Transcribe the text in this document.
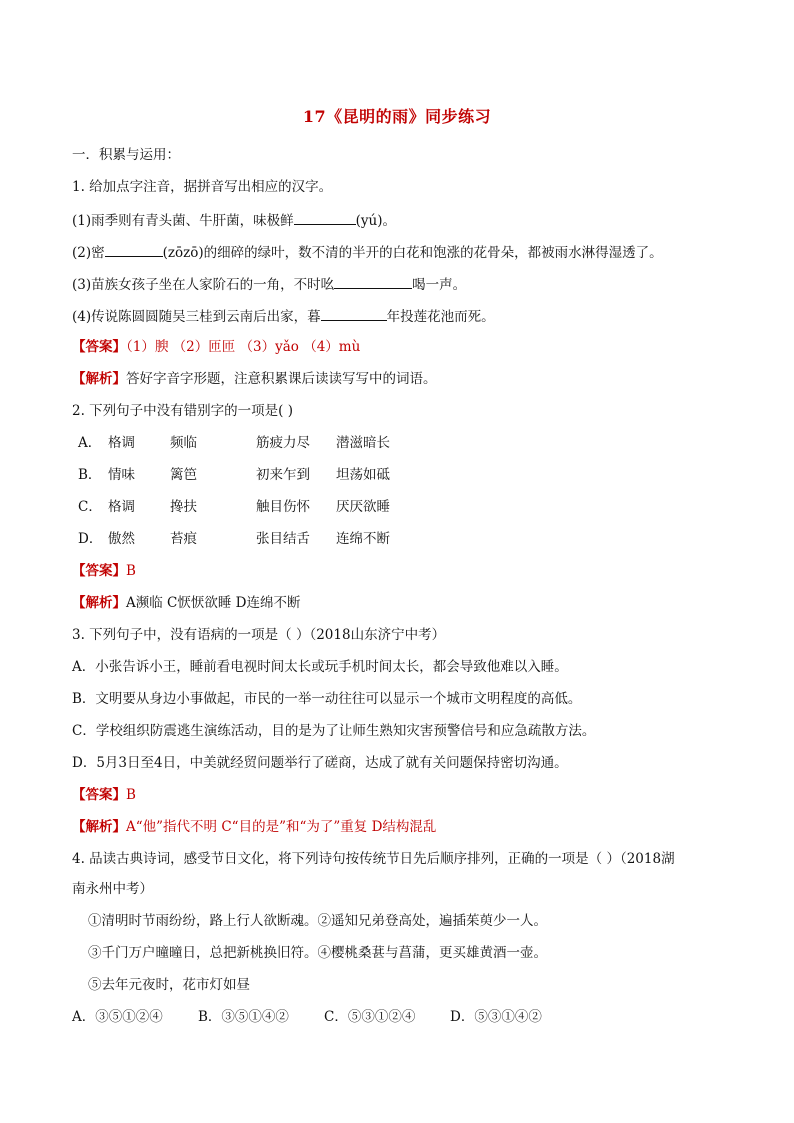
17《昆明的雨》同步练习
一．积累与运用：
1. 给加点字注音，据拼音写出相应的汉字。
(1)雨季则有青头菌、牛肝菌，味极鲜	(yú)。
(2)密	(zōzō)的细碎的绿叶，数不清的半开的白花和饱涨的花骨朵，都被雨水淋得湿透了。
(3)苗族女孩子坐在人家阶石的一角，不时吆	喝一声。
(4)传说陈圆圆随吴三桂到云南后出家，暮	年投莲花池而死。
【答案】（1）腴 （2）匝匝 （3）yǎo （4）mù
【解析】答好字音字形题，注意积累课后读读写写中的词语。
2. 下列句子中没有错别字的一项是( )
A． 格调	频临	筋疲力尽 潜滋暗长
B． 情味	篱笆	初来乍到 坦荡如砥
C． 格调	搀扶	触目伤怀 厌厌欲睡
D． 傲然	苔痕	张目结舌 连绵不断
【答案】B
【解析】A濒临 C恹恹欲睡 D连绵不断
3. 下列句子中，没有语病的一项是（ ）（2018山东济宁中考）
A．小张告诉小王，睡前看电视时间太长或玩手机时间太长，都会导致他难以入睡。
B．文明要从身边小事做起，市民的一举一动往往可以显示一个城市文明程度的高低。
C．学校组织防震逃生演练活动，目的是为了让师生熟知灾害预警信号和应急疏散方法。
D．5月3日至4日，中美就经贸问题举行了磋商，达成了就有关问题保持密切沟通。
【答案】B
【解析】A“他”指代不明 C“目的是”和“为了”重复 D结构混乱
4. 品读古典诗词，感受节日文化，将下列诗句按传统节日先后顺序排列，正确的一项是（ ）（2018湖
南永州中考）
①清明时节雨纷纷，路上行人欲断魂。②遥知兄弟登高处，遍插茱萸少一人。
③千门万户曈曈日，总把新桃换旧符。④樱桃桑葚与菖蒲，更买雄黄酒一壶。
⑤去年元夜时，花市灯如昼
A．③⑤①②④	B．③⑤①④②	C．⑤③①②④	D．⑤③①④②
